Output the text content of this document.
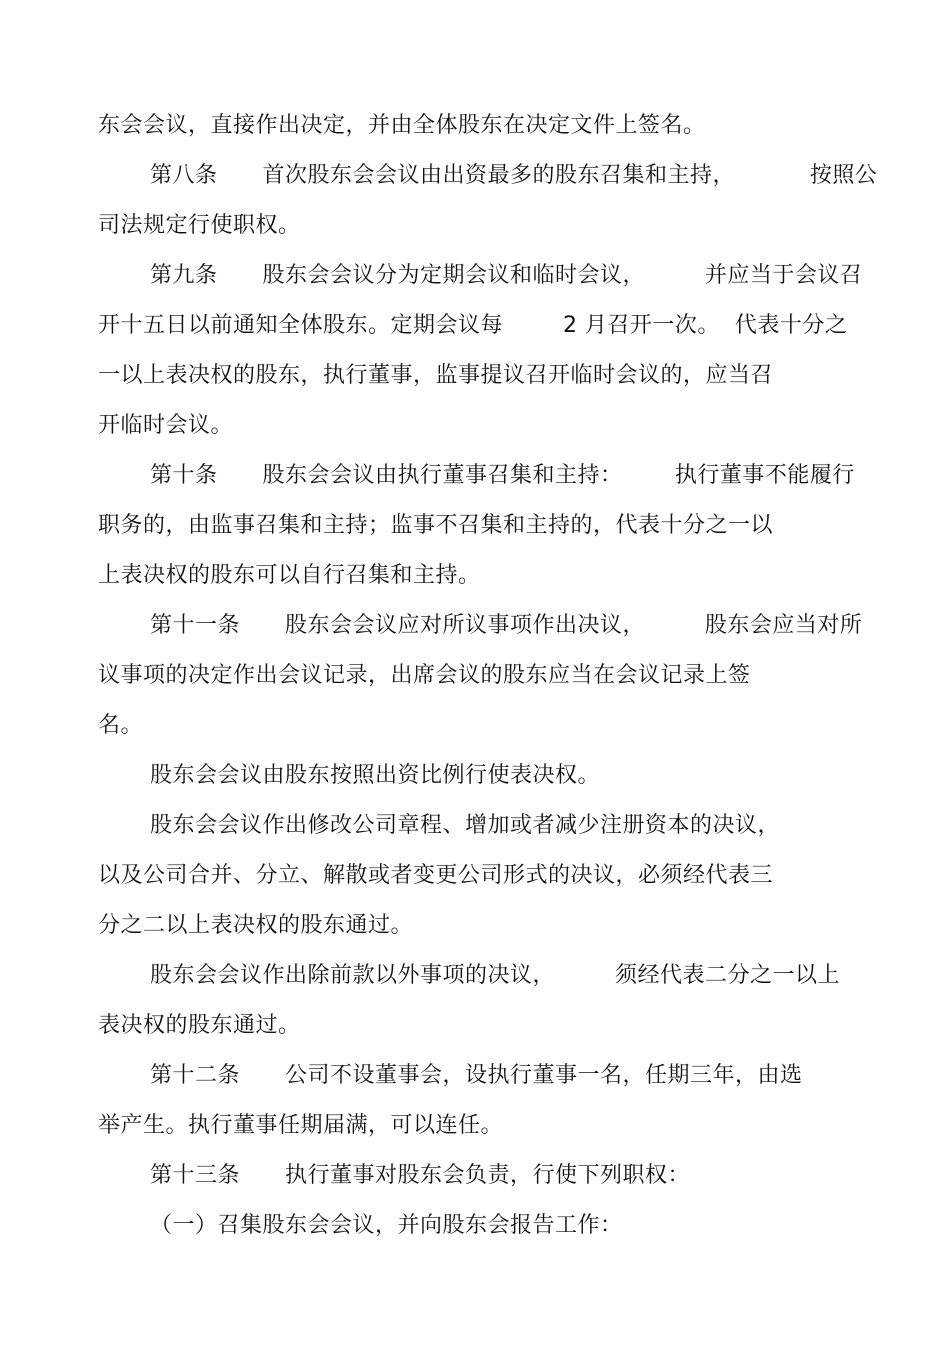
东会会议，直接作出决定，并由全体股东在决定文件上签名。
第八条      首次股东会会议由出资最多的股东召集和主持，          按照公
司法规定行使职权。
第九条      股东会会议分为定期会议和临时会议，        并应当于会议召
开十五日以前通知全体股东。定期会议每        2 月召开一次。  代表十分之
一以上表决权的股东，执行董事，监事提议召开临时会议的，应当召
开临时会议。
第十条      股东会会议由执行董事召集和主持：       执行董事不能履行
职务的，由监事召集和主持；监事不召集和主持的，代表十分之一以
上表决权的股东可以自行召集和主持。
第十一条      股东会会议应对所议事项作出决议，        股东会应当对所
议事项的决定作出会议记录，出席会议的股东应当在会议记录上签
名。
股东会会议由股东按照出资比例行使表决权。
股东会会议作出修改公司章程、增加或者减少注册资本的决议，
以及公司合并、分立、解散或者变更公司形式的决议，必须经代表三
分之二以上表决权的股东通过。
股东会会议作出除前款以外事项的决议，        须经代表二分之一以上
表决权的股东通过。
第十二条      公司不设董事会，设执行董事一名，任期三年，由选
举产生。执行董事任期届满，可以连任。
第十三条      执行董事对股东会负责，行使下列职权：
（一）召集股东会会议，并向股东会报告工作：
